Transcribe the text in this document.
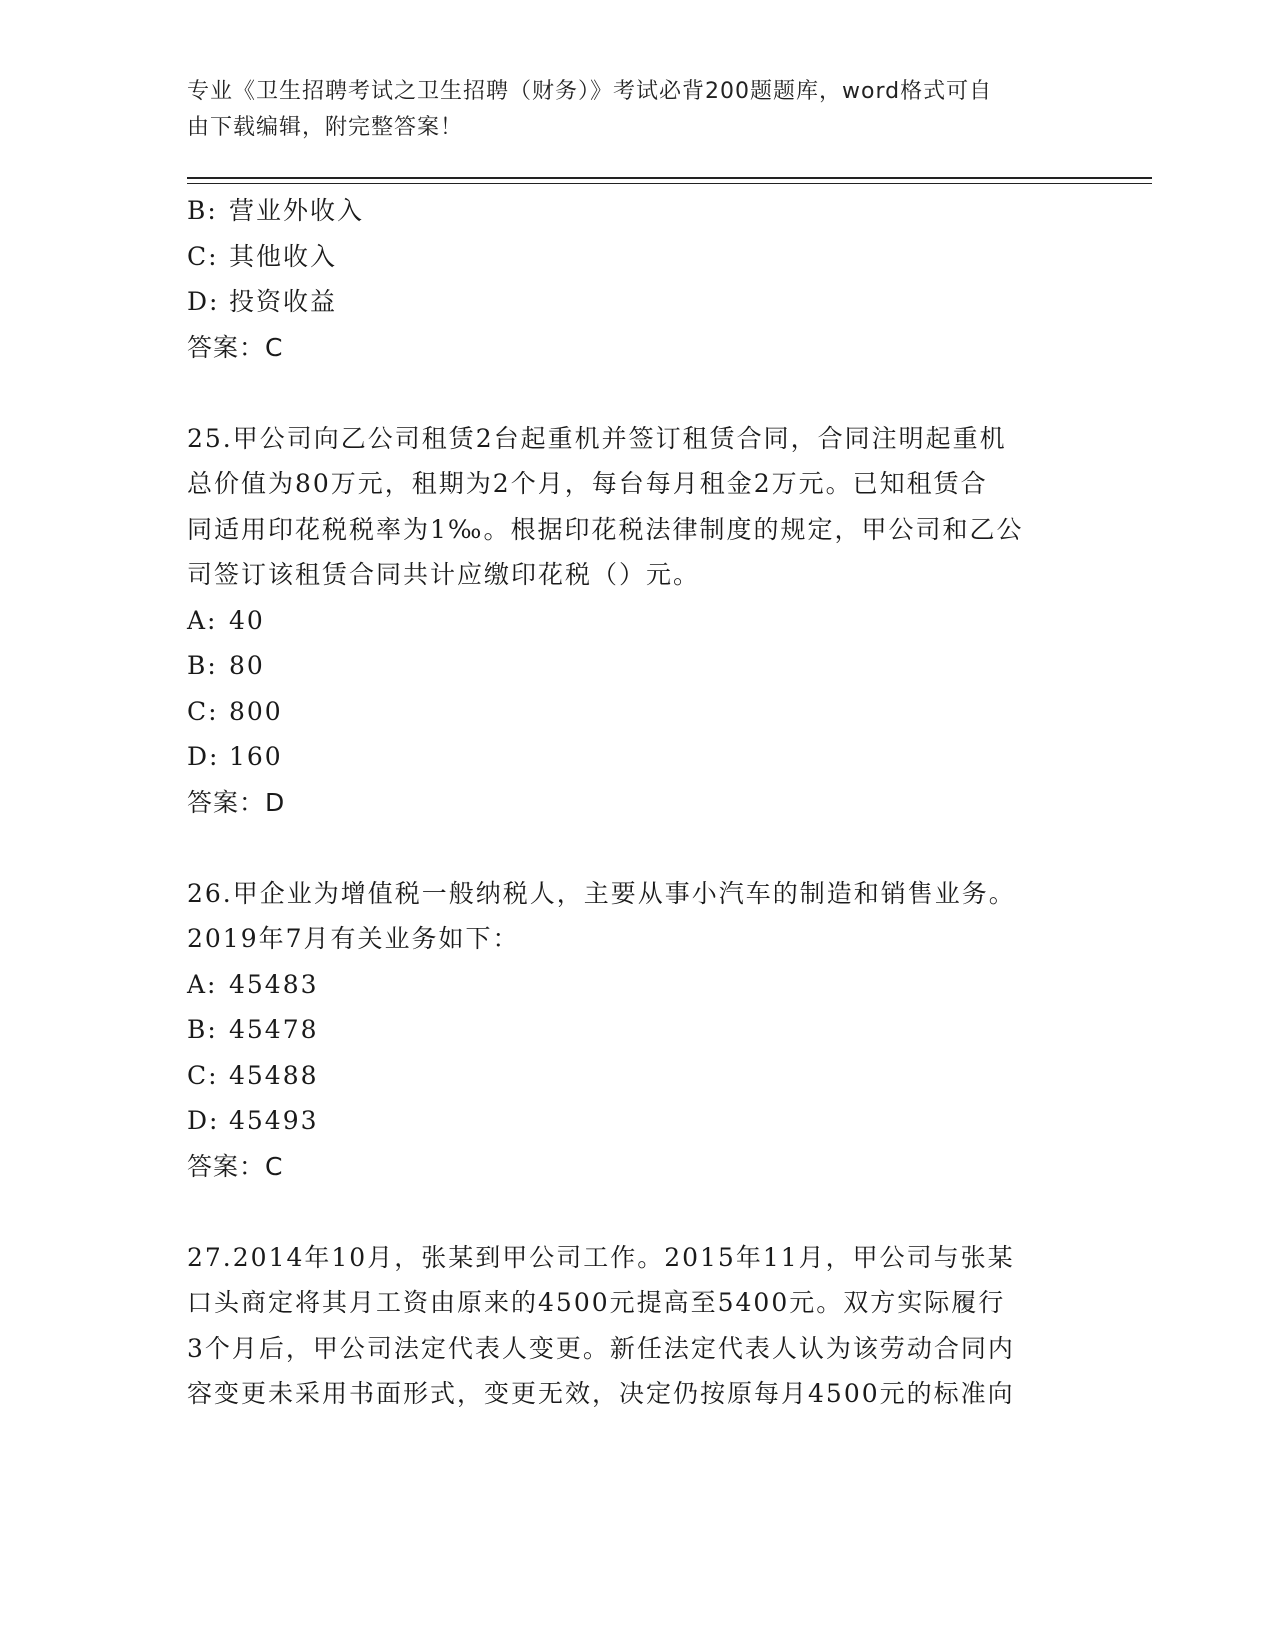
专业《卫生招聘考试之卫生招聘（财务）》考试必背200题题库，word格式可自
由下载编辑，附完整答案！
B: 营业外收入
C: 其他收入
D: 投资收益
答案：C
25.甲公司向乙公司租赁2台起重机并签订租赁合同，合同注明起重机
总价值为80万元，租期为2个月，每台每月租金2万元。已知租赁合
同适用印花税税率为1‰。根据印花税法律制度的规定，甲公司和乙公
司签订该租赁合同共计应缴印花税（）元。
A: 40
B: 80
C: 800
D: 160
答案：D
26.甲企业为增值税一般纳税人，主要从事小汽车的制造和销售业务。
2019年7月有关业务如下：
A: 45483
B: 45478
C: 45488
D: 45493
答案：C
27.2014年10月，张某到甲公司工作。2015年11月，甲公司与张某
口头商定将其月工资由原来的4500元提高至5400元。双方实际履行
3个月后，甲公司法定代表人变更。新任法定代表人认为该劳动合同内
容变更未采用书面形式，变更无效，决定仍按原每月4500元的标准向
